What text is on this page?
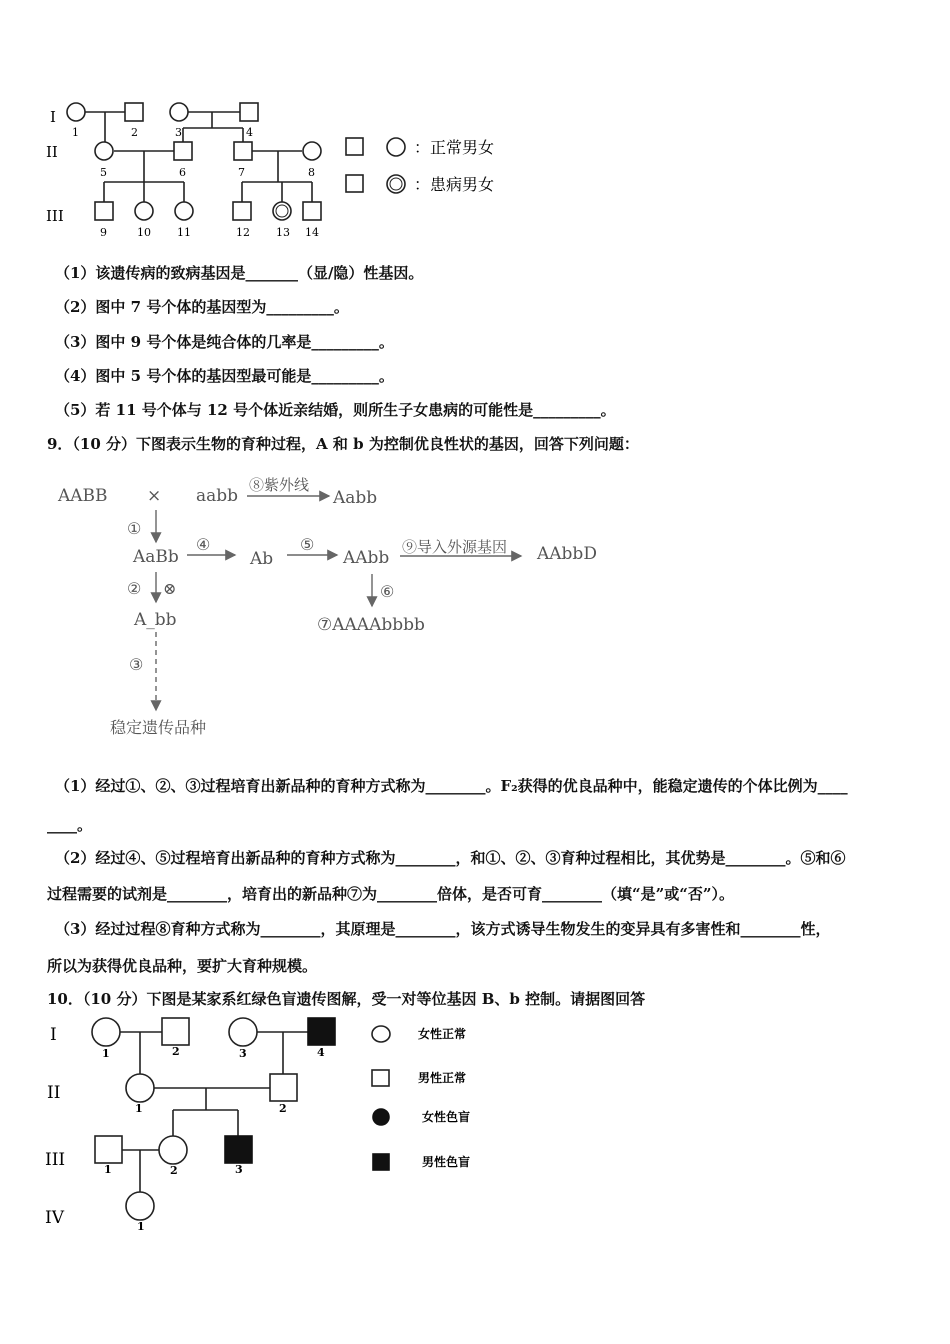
I
II
III
1	2	3	4
5	6	7	8
9	10 11	12 13 14
：正常男女
：患病男女
（1）该遗传病的致病基因是_______（显/隐）性基因。
（2）图中 7 号个体的基因型为_________。
（3）图中 9 号个体是纯合体的几率是_________。
（4）图中 5 号个体的基因型最可能是_________。
（5）若 11 号个体与 12 号个体近亲结婚，则所生子女患病的可能性是_________。
9．（10 分）下图表示生物的育种过程，A 和 b 为控制优良性状的基因，回答下列问题：
AABB × aabb
⑧紫外线
Aabb
①
AaBb
④
Ab
⑤
AAbb
⑨导入外源基因 AAbbD
② ⊗	⑥
A_bb	⑦AAAAbbbb
③
稳定遗传品种
（1）经过①、②、③过程培育出新品种的育种方式称为________。F₂获得的优良品种中，能稳定遗传的个体比例为____
____。
（2）经过④、⑤过程培育出新品种的育种方式称为________，和①、②、③育种过程相比，其优势是________。⑤和⑥
过程需要的试剂是________，培育出的新品种⑦为________倍体，是否可育________（填“是”或“否”）。
（3）经过过程⑧育种方式称为________，其原理是________，该方式诱导生物发生的变异具有多害性和________性，
所以为获得优良品种，要扩大育种规模。
10．（10 分）下图是某家系红绿色盲遗传图解，受一对等位基因 B、b 控制。请据图回答
I
II
III
IV
1	2	3	4
1	2
1	2	3
1
女性正常
男性正常
女性色盲
男性色盲
